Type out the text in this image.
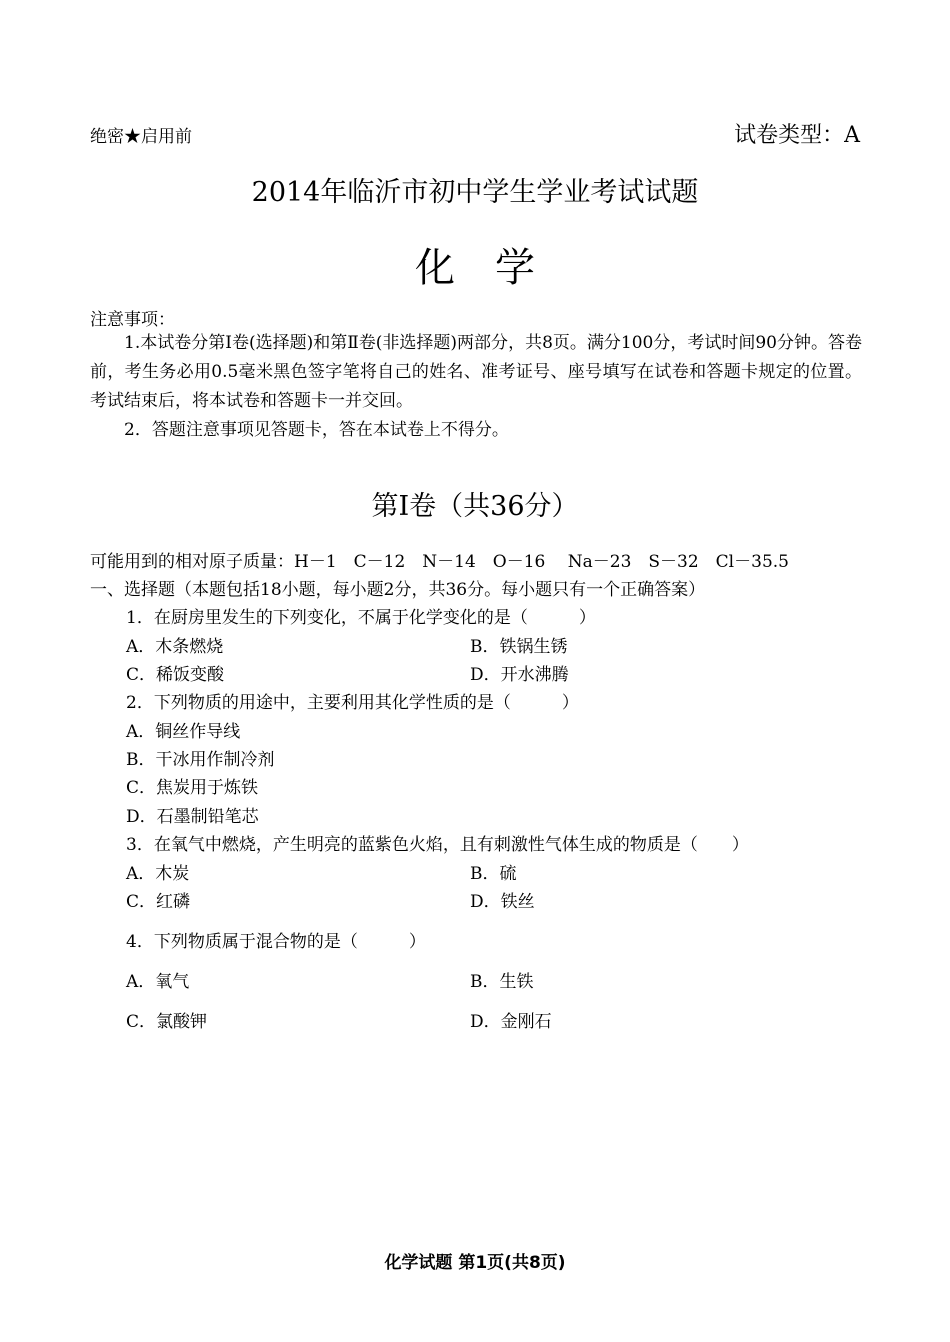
绝密★启用前	试卷类型：A
2014年临沂市初中学生学业考试试题
化学
注意事项：
1.本试卷分第Ⅰ卷(选择题)和第Ⅱ卷(非选择题)两部分，共8页。满分100分，考试时间90分钟。答卷前，考生务必用0.5毫米黑色签字笔将自己的姓名、准考证号、座号填写在试卷和答题卡规定的位置。考试结束后，将本试卷和答题卡一并交回。
2．答题注意事项见答题卡，答在本试卷上不得分。
第Ⅰ卷（共36分）
可能用到的相对原子质量：H－1　C－12　N－14　O－16　 Na－23　S－32　Cl－35.5
一、选择题（本题包括18小题，每小题2分，共36分。每小题只有一个正确答案）
1．在厨房里发生的下列变化，不属于化学变化的是（　　　）
A．木条燃烧	B．铁锅生锈
C．稀饭变酸	D．开水沸腾
2．下列物质的用途中，主要利用其化学性质的是（　　　）
A．铜丝作导线
B．干冰用作制冷剂
C．焦炭用于炼铁
D．石墨制铅笔芯
3．在氧气中燃烧，产生明亮的蓝紫色火焰，且有刺激性气体生成的物质是（　　）
A．木炭	B．硫
C．红磷	D．铁丝
4．下列物质属于混合物的是（　　　）
A．氧气	B．生铁
C．氯酸钾	D．金刚石
化学试题 第1页(共8页)
